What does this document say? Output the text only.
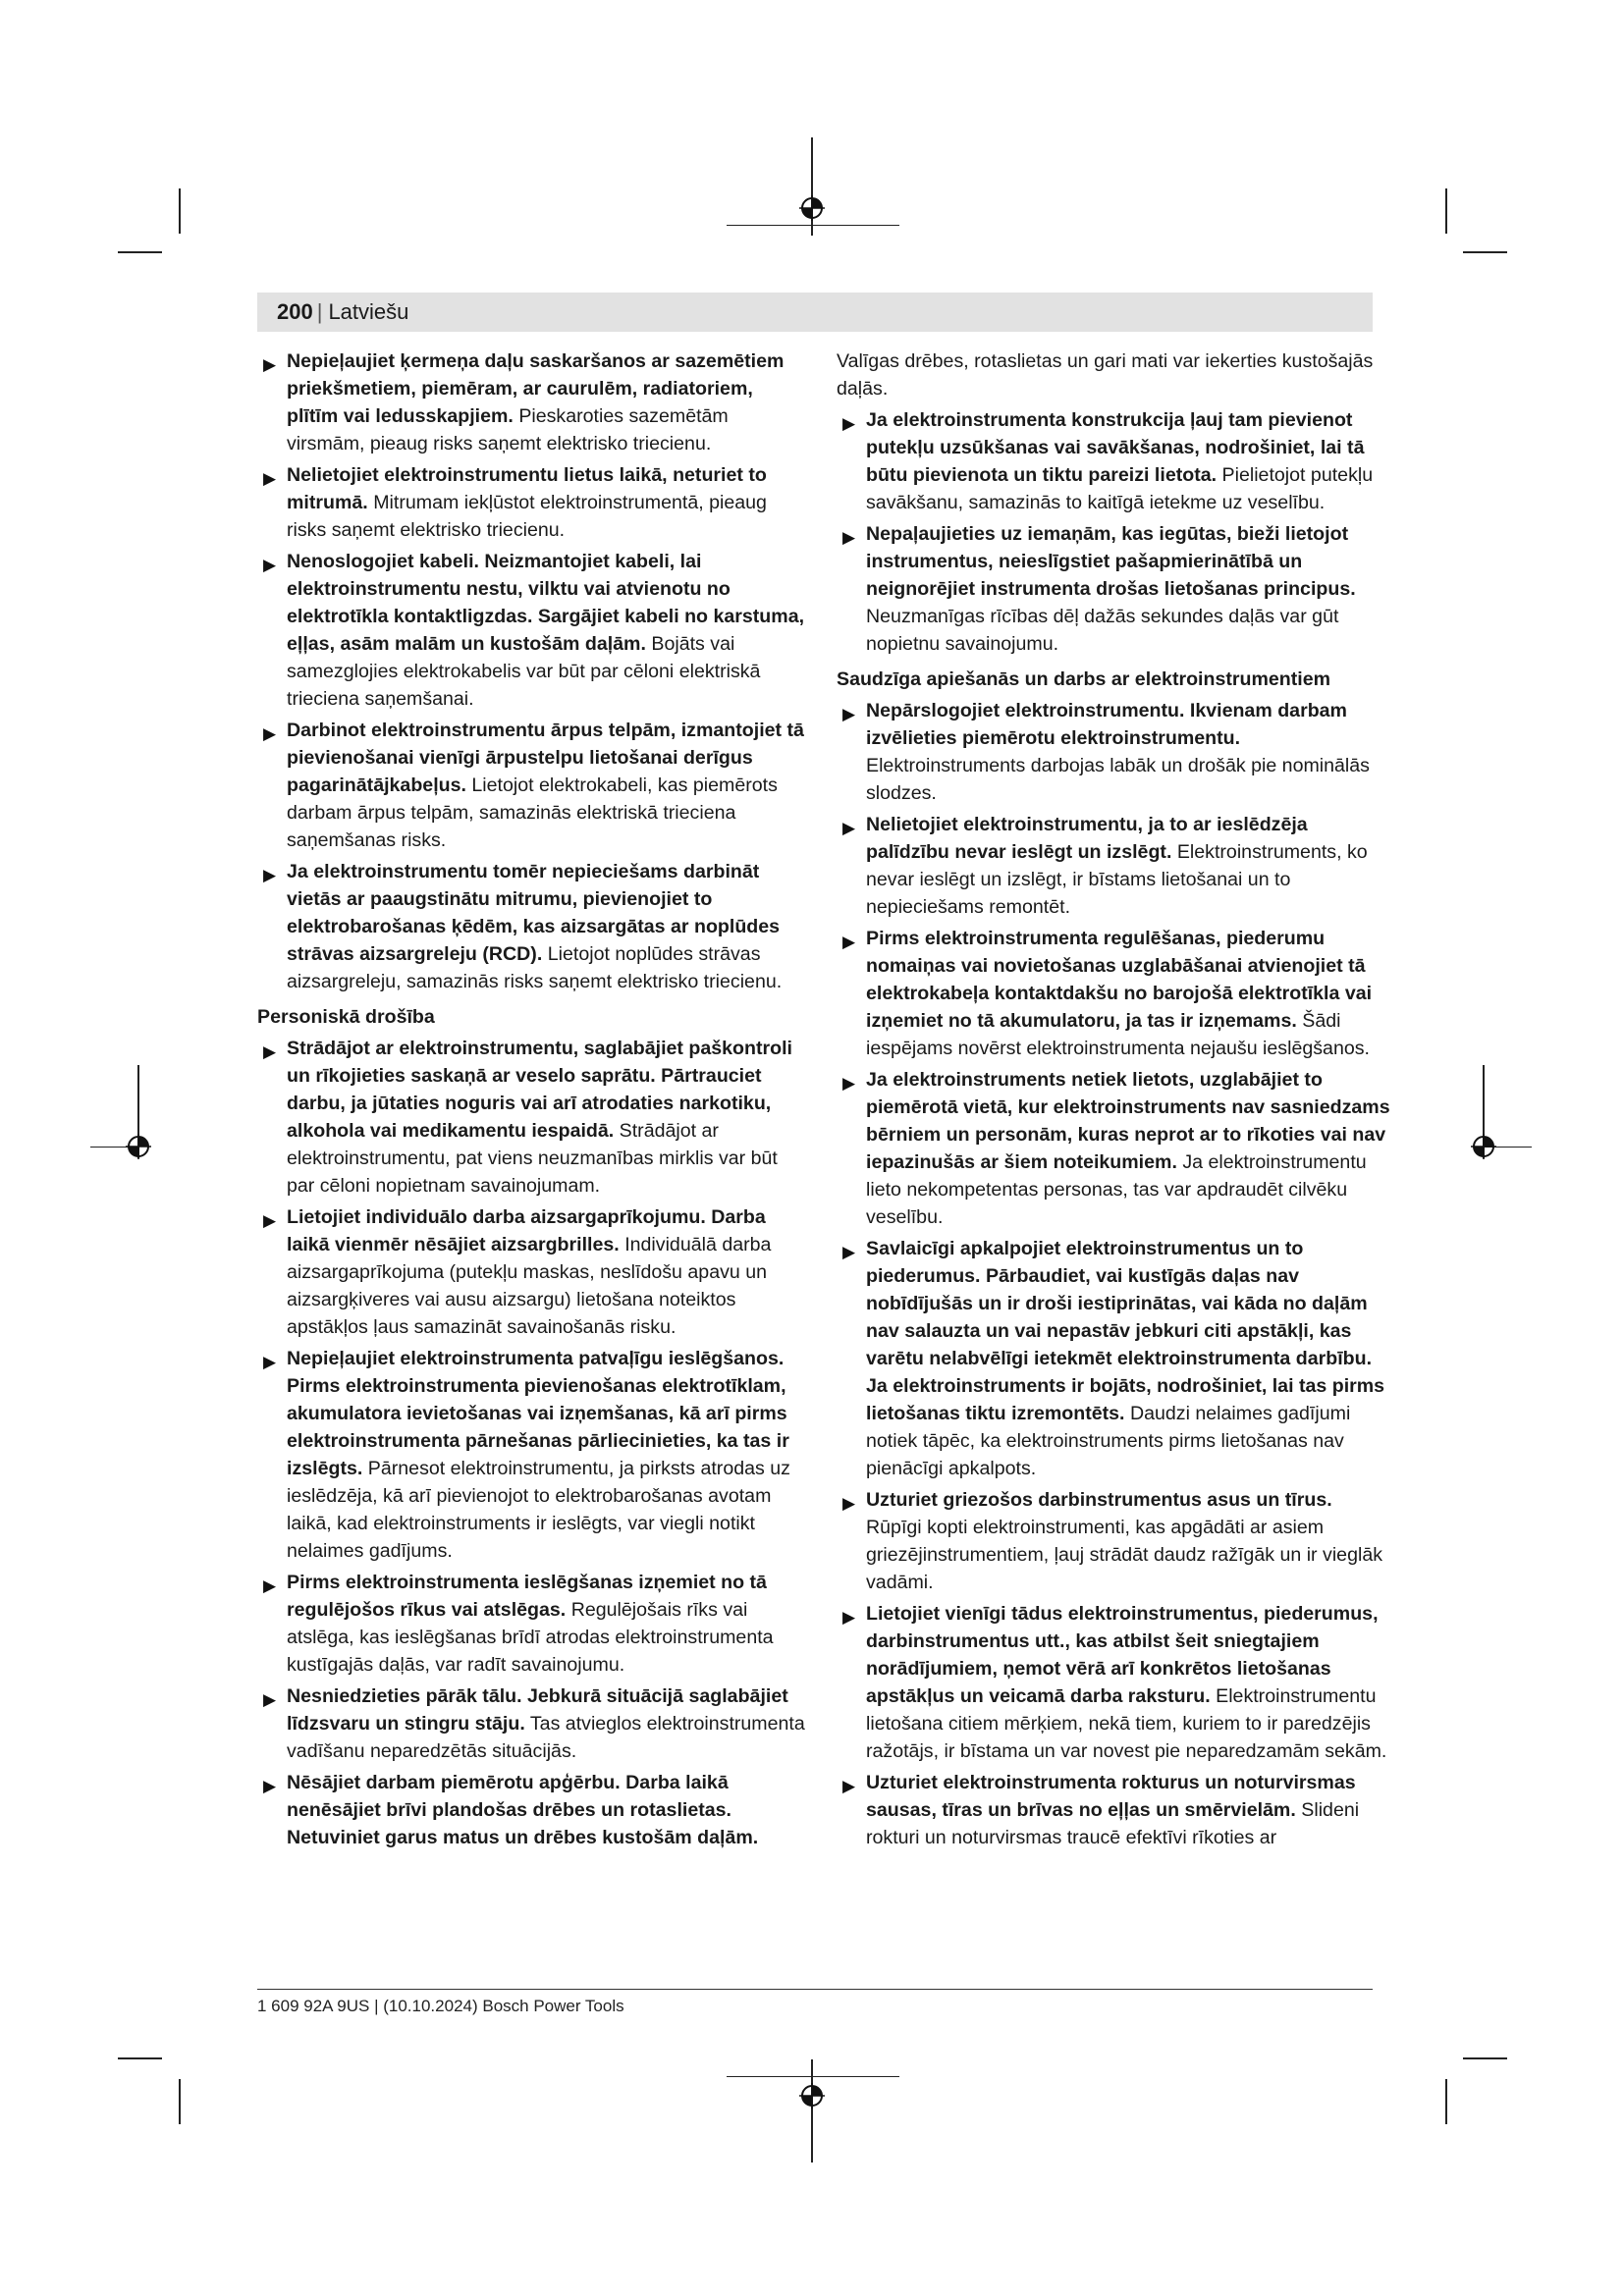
200 | Latviešu
▶ Nepieļaujiet ķermeņa daļu saskaršanos ar sazemētiem priekšmetiem, piemēram, ar caurulēm, radiatoriem, plītīm vai ledusskapjiem. Pieskaroties sazemētām virsmām, pieaug risks saņemt elektrisko triecienu.
▶ Nelietojiet elektroinstrumentu lietus laikā, neturiet to mitrumā. Mitrumam iekļūstot elektroinstrumentā, pieaug risks saņemt elektrisko triecienu.
▶ Nenoslogojiet kabeli. Neizmantojiet kabeli, lai elektroinstrumentu nestu, vilktu vai atvienotu no elektrotīkla kontaktligzdas. Sargājiet kabeli no karstuma, eļļas, asām malām un kustošām daļām. Bojāts vai samezglojies elektrokabelis var būt par cēloni elektriskā trieciena saņemšanai.
▶ Darbinot elektroinstrumentu ārpus telpām, izmantojiet tā pievienošanai vienīgi ārpustelpu lietošanai derīgus pagarinātājkabeļus. Lietojot elektrokabeli, kas piemērots darbam ārpus telpām, samazinās elektriskā trieciena saņemšanas risks.
▶ Ja elektroinstrumentu tomēr nepieciešams darbināt vietās ar paaugstinātu mitrumu, pievienojiet to elektrobarošanas ķēdēm, kas aizsargātas ar noplūdes strāvas aizsargreleju (RCD). Lietojot noplūdes strāvas aizsargreleju, samazinās risks saņemt elektrisko triecienu.
Personiskā drošība
▶ Strādājot ar elektroinstrumentu, saglabājiet paškontroli un rīkojieties saskaņā ar veselo saprātu. Pārtrauciet darbu, ja jūtaties noguris vai arī atrodaties narkotiku, alkohola vai medikamentu iespaidā. Strādājot ar elektroinstrumentu, pat viens neuzmanības mirklis var būt par cēloni nopietnam savainojumam.
▶ Lietojiet individuālo darba aizsargaprīkojumu. Darba laikā vienmēr nēsājiet aizsargbrilles. Individuālā darba aizsargaprīkojuma (putekļu maskas, neslīdošu apavu un aizsargķiveres vai ausu aizsargu) lietošana noteiktos apstākļos ļaus samazināt savainošanās risku.
▶ Nepieļaujiet elektroinstrumenta patvaļīgu ieslēgšanos. Pirms elektroinstrumenta pievienošanas elektrotīklam, akumulatora ievietošanas vai izņemšanas, kā arī pirms elektroinstrumenta pārnešanas pārliecinieties, ka tas ir izslēgts. Pārnesot elektroinstrumentu, ja pirksts atrodas uz ieslēdzēja, kā arī pievienojot to elektrobarošanas avotam laikā, kad elektroinstruments ir ieslēgts, var viegli notikt nelaimes gadījums.
▶ Pirms elektroinstrumenta ieslēgšanas izņemiet no tā regulējošos rīkus vai atslēgas. Regulējošais rīks vai atslēga, kas ieslēgšanas brīdī atrodas elektroinstrumenta kustīgajās daļās, var radīt savainojumu.
▶ Nesniedzieties pārāk tālu. Jebkurā situācijā saglabājiet līdzsvaru un stingru stāju. Tas atvieglos elektroinstrumenta vadīšanu neparedzētās situācijās.
▶ Nēsājiet darbam piemērotu apģērbu. Darba laikā nenēsājiet brīvi plandošas drēbes un rotaslietas. Netuviniet garus matus un drēbes kustošām daļām.
Valīgas drēbes, rotaslietas un gari mati var iekerties kustošajās daļās.
▶ Ja elektroinstrumenta konstrukcija ļauj tam pievienot putekļu uzsūkšanas vai savākšanas, nodrošiniet, lai tā būtu pievienota un tiktu pareizi lietota. Pielietojot putekļu savākšanu, samazinās to kaitīgā ietekme uz veselību.
▶ Nepaļaujieties uz iemaņām, kas iegūtas, bieži lietojot instrumentus, neieslīgstiet pašapmierinātībā un neignorējiet instrumenta drošas lietošanas principus. Neuzmanīgas rīcības dēļ dažās sekundes daļās var gūt nopietnu savainojumu.
Saudzīga apiešanās un darbs ar elektroinstrumentiem
▶ Nepārslogojiet elektroinstrumentu. Ikvienam darbam izvēlieties piemērotu elektroinstrumentu. Elektroinstruments darbojas labāk un drošāk pie nominālās slodzes.
▶ Nelietojiet elektroinstrumentu, ja to ar ieslēdzēja palīdzību nevar ieslēgt un izslēgt. Elektroinstruments, ko nevar ieslēgt un izslēgt, ir bīstams lietošanai un to nepieciešams remontēt.
▶ Pirms elektroinstrumenta regulēšanas, piederumu nomaiņas vai novietošanas uzglabāšanai atvienojiet tā elektrokabeļa kontaktdakšu no barojošā elektrotīkla vai izņemiet no tā akumulatoru, ja tas ir izņemams. Šādi iespējams novērst elektroinstrumenta nejaušu ieslēgšanos.
▶ Ja elektroinstruments netiek lietots, uzglabājiet to piemērotā vietā, kur elektroinstruments nav sasniedzams bērniem un personām, kuras neprot ar to rīkoties vai nav iepazinušās ar šiem noteikumiem. Ja elektroinstrumentu lieto nekompetentas personas, tas var apdraudēt cilvēku veselību.
▶ Savlaicīgi apkalpojiet elektroinstrumentus un to piederumus. Pārbaudiet, vai kustīgās daļas nav nobīdījušās un ir droši iestiprinātas, vai kāda no daļām nav salauzta un vai nepastāv jebkuri citi apstākļi, kas varētu nelabvēlīgi ietekmēt elektroinstrumenta darbību. Ja elektroinstruments ir bojāts, nodrošiniet, lai tas pirms lietošanas tiktu izremontēts. Daudzi nelaimes gadījumi notiek tāpēc, ka elektroinstruments pirms lietošanas nav pienācīgi apkalpots.
▶ Uzturiet griezošos darbinstrumentus asus un tīrus. Rūpīgi kopti elektroinstrumenti, kas apgādāti ar asiem griezējinstrumentiem, ļauj strādāt daudz ražīgāk un ir vieglāk vadāmi.
▶ Lietojiet vienīgi tādus elektroinstrumentus, piederumus, darbinstrumentus utt., kas atbilst šeit sniegtajiem norādījumiem, ņemot vērā arī konkrētos lietošanas apstākļus un veicamā darba raksturu. Elektroinstrumentu lietošana citiem mērķiem, nekā tiem, kuriem to ir paredzējis ražotājs, ir bīstama un var novest pie neparedzamām sekām.
▶ Uzturiet elektroinstrumenta rokturus un noturvirsmas sausas, tīras un brīvas no eļļas un smērvielām. Slideni rokturi un noturvirsmas traucē efektīvi rīkoties ar
1 609 92A 9US | (10.10.2024) Bosch Power Tools
